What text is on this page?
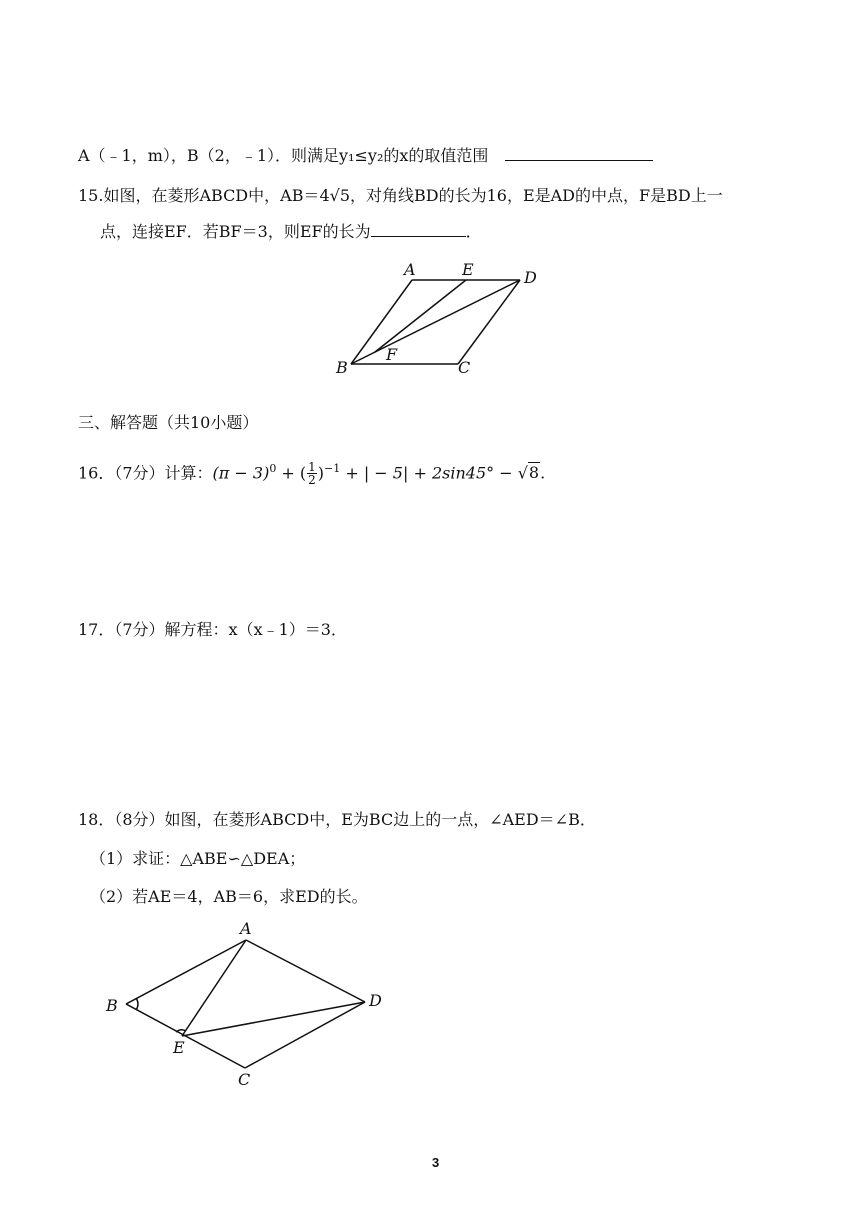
A（﹣1，m），B（2，﹣1）．则满足y₁≤y₂的x的取值范围
15.如图，在菱形ABCD中，AB＝4√5，对角线BD的长为16，E是AD的中点，F是BD上一
点，连接EF．若BF＝3，则EF的长为	．
A	E	D
B
F
C
三、解答题（共10小题）
16．（7分）计算：$(\pi - 3)^0$ + ( $\frac{1}{2} )^{-1}$ + | − 5| + 2sin45° − √8.
17．（7分）解方程：x（x﹣1）＝3．
18．（8分）如图，在菱形ABCD中，E为BC边上的一点，∠AED＝∠B．
（1）求证：△ABE∽△DEA；
（2）若AE＝4，AB＝6，求ED的长。
A
B	D
E
C
3
